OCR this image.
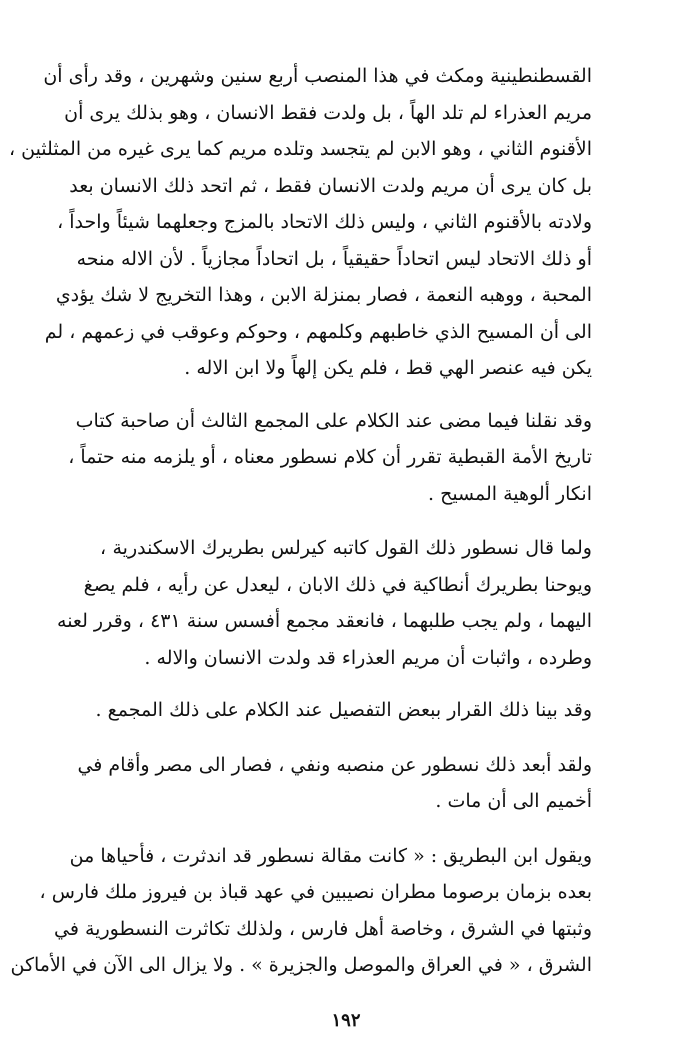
القسطنطينية ومكث في هذا المنصب أربع سنين وشهرين ، وقد رأى أن
مريم العذراء لم تلد الهاً ، بل ولدت فقط الانسان ، وهو بذلك يرى أن
الأقنوم الثاني ، وهو الابن لم يتجسد وتلده مريم كما يرى غيره من المثلثين ،
بل كان يرى أن مريم ولدت الانسان فقط ، ثم اتحد ذلك الانسان بعد
ولادته بالأقنوم الثاني ، وليس ذلك الاتحاد بالمزج وجعلهما شيئاً واحداً ،
أو ذلك الاتحاد ليس اتحاداً حقيقياً ، بل اتحاداً مجازياً . لأن الاله منحه
المحبة ، ووهبه النعمة ، فصار بمنزلة الابن ، وهذا التخريج لا شك يؤدي
الى أن المسيح الذي خاطبهم وكلمهم ، وحوكم وعوقب في زعمهم ، لم
يكن فيه عنصر الهي قط ، فلم يكن إلهاً ولا ابن الاله .
وقد نقلنا فيما مضى عند الكلام على المجمع الثالث أن صاحبة كتاب
تاريخ الأمة القبطية تقرر أن كلام نسطور معناه ، أو يلزمه منه حتماً ،
انكار ألوهية المسيح .
ولما قال نسطور ذلك القول كاتبه كيرلس بطريرك الاسكندرية ،
ويوحنا بطريرك أنطاكية في ذلك الابان ، ليعدل عن رأيه ، فلم يصغ
اليهما ، ولم يجب طلبهما ، فانعقد مجمع أفسس سنة ٤٣١ ، وقرر لعنه
وطرده ، واثبات أن مريم العذراء قد ولدت الانسان والاله .
وقد بينا ذلك القرار ببعض التفصيل عند الكلام على ذلك المجمع .
ولقد أبعد ذلك نسطور عن منصبه ونفي ، فصار الى مصر وأقام في
أخميم الى أن مات .
ويقول ابن البطريق : « كانت مقالة نسطور قد اندثرت ، فأحياها من
بعده بزمان برصوما مطران نصيبين في عهد قباذ بن فيروز ملك فارس ،
وثبتها في الشرق ، وخاصة أهل فارس ، ولذلك تكاثرت النسطورية في
الشرق ، « في العراق والموصل والجزيرة » . ولا يزال الى الآن في الأماكن
١٩٢
